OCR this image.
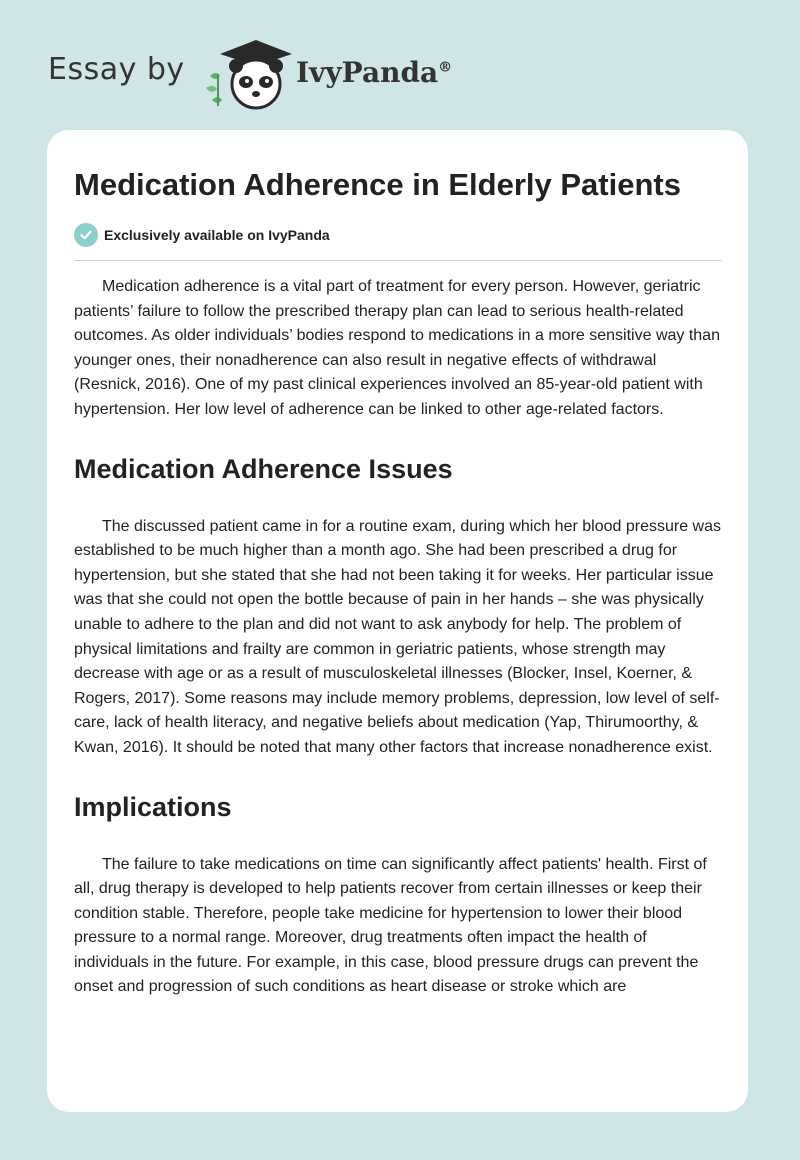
Essay by	IvyPanda®
Medication Adherence in Elderly Patients
Exclusively available on IvyPanda

Medication adherence is a vital part of treatment for every person. However, geriatric patients’ failure to follow the prescribed therapy plan can lead to serious health-related outcomes. As older individuals’ bodies respond to medications in a more sensitive way than younger ones, their nonadherence can also result in negative effects of withdrawal (Resnick, 2016). One of my past clinical experiences involved an 85-year-old patient with hypertension. Her low level of adherence can be linked to other age-related factors.

Medication Adherence Issues

The discussed patient came in for a routine exam, during which her blood pressure was established to be much higher than a month ago. She had been prescribed a drug for hypertension, but she stated that she had not been taking it for weeks. Her particular issue was that she could not open the bottle because of pain in her hands – she was physically unable to adhere to the plan and did not want to ask anybody for help. The problem of physical limitations and frailty are common in geriatric patients, whose strength may decrease with age or as a result of musculoskeletal illnesses (Blocker, Insel, Koerner, & Rogers, 2017). Some reasons may include memory problems, depression, low level of self-care, lack of health literacy, and negative beliefs about medication (Yap, Thirumoorthy, & Kwan, 2016). It should be noted that many other factors that increase nonadherence exist.

Implications

The failure to take medications on time can significantly affect patients' health. First of all, drug therapy is developed to help patients recover from certain illnesses or keep their condition stable. Therefore, people take medicine for hypertension to lower their blood pressure to a normal range. Moreover, drug treatments often impact the health of individuals in the future. For example, in this case, blood pressure drugs can prevent the onset and progression of such conditions as heart disease or stroke which are
